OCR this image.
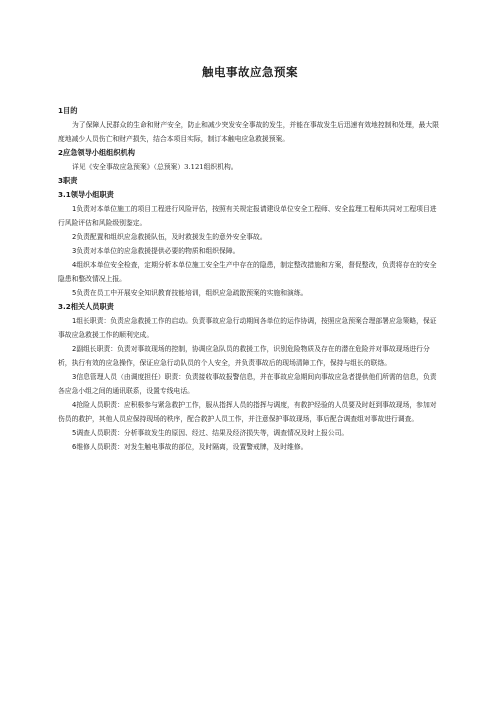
触电事故应急预案
1目的

为了保障人民群众的生命和财产安全，防止和减少突发安全事故的发生，并能在事故发生后迅速有效地控制和处理，最大限度地减少人员伤亡和财产损失，结合本项目实际，制订本触电应急救援预案。

2应急领导小组组织机构

详见《安全事故应急预案》（总预案）3.121组织机构。

3职责
3.1领导小组职责

1负责对本单位施工的项目工程进行风险评估，按照有关规定报请建设单位安全工程师、安全监理工程师共同对工程项目进行风险评估和风险级别鉴定。

2负责配置和组织应急救援队伍，及时救援发生的意外安全事故。

3负责对本单位的应急救援提供必要的物质和组织保障。

4组织本单位安全检查，定期分析本单位施工安全生产中存在的隐患，制定整改措施和方案，督促整改，负责将存在的安全隐患和整改情况上报。

5负责在员工中开展安全知识教育技能培训，组织应急疏散预案的实施和演练。

3.2相关人员职责

1组长职责：负责应急救援工作的启动。负责事故应急行动期间各单位的运作协调，按照应急预案合理部署应急策略，保证事故应急救援工作的顺利完成。

2副组长职责：负责对事故现场的控制，协调应急队员的救援工作，识别危险物质及存在的潜在危险并对事故现场进行分析，执行有效的应急操作，保证应急行动队员的个人安全，并负责事故后的现场清障工作，保持与组长的联络。

3信息管理人员（由调度担任）职责：负责接收事故报警信息，并在事故应急期间向事故应急者提供他们所需的信息，负责各应急小组之间的通讯联系，设置专线电话。

4抢险人员职责：应积极参与紧急救护工作，服从指挥人员的指挥与调度，有救护经验的人员要及时赶到事故现场，参加对伤员的救护，其他人员应保持现场的秩序，配合救护人员工作，并注意保护事故现场，事后配合调查组对事故进行调查。

5调查人员职责：分析事故发生的原因、经过、结果及经济损失等，调查情况及时上报公司。

6维修人员职责：对发生触电事故的部位，及时隔离，设置警戒牌，及时维修。
